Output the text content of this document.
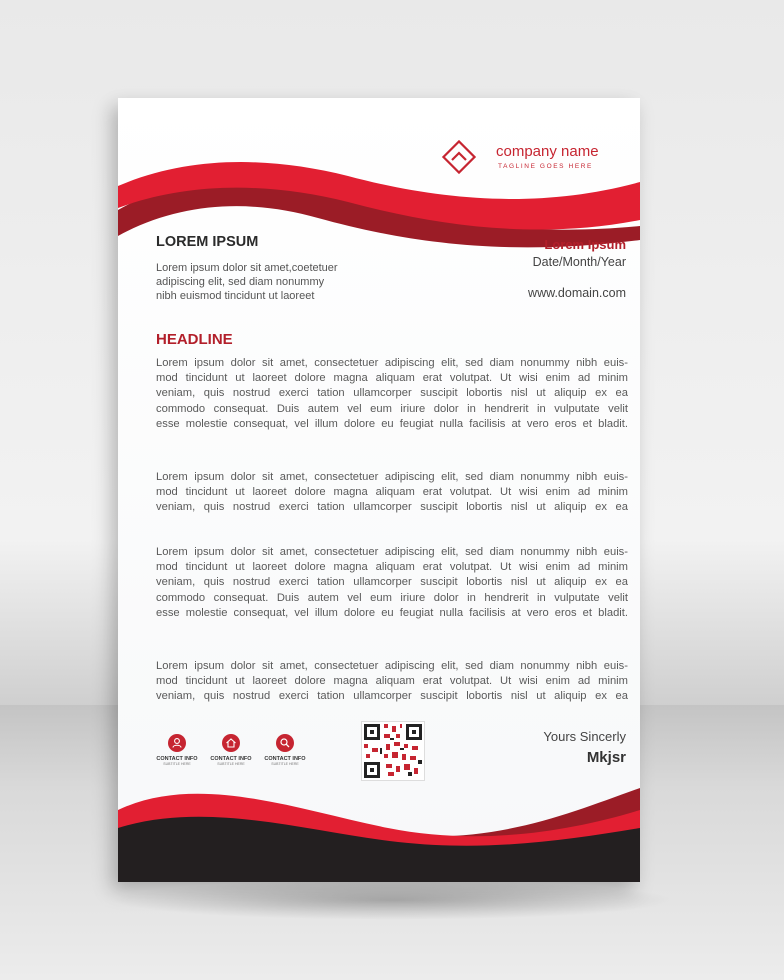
company name
TAGLINE GOES HERE
LOREM IPSUM
Lorem ipsum dolor sit amet,coetetuer
adipiscing elit, sed diam nonummy
nibh euismod tincidunt ut laoreet
Lorem Ipsum
Date/Month/Year
www.domain.com
HEADLINE
Lorem ipsum dolor sit amet, consectetuer adipiscing elit, sed diam nonummy nibh euis-
mod tincidunt ut laoreet dolore magna aliquam erat volutpat. Ut wisi enim ad minim
veniam, quis nostrud exerci tation ullamcorper suscipit lobortis nisl ut aliquip ex ea
commodo consequat. Duis autem vel eum iriure dolor in hendrerit in vulputate velit
esse molestie consequat, vel illum dolore eu feugiat nulla facilisis at vero eros et bladit.
Lorem ipsum dolor sit amet, consectetuer adipiscing elit, sed diam nonummy nibh euis-
mod tincidunt ut laoreet dolore magna aliquam erat volutpat. Ut wisi enim ad minim
veniam, quis nostrud exerci tation ullamcorper suscipit lobortis nisl ut aliquip ex ea
Lorem ipsum dolor sit amet, consectetuer adipiscing elit, sed diam nonummy nibh euis-
mod tincidunt ut laoreet dolore magna aliquam erat volutpat. Ut wisi enim ad minim
veniam, quis nostrud exerci tation ullamcorper suscipit lobortis nisl ut aliquip ex ea
commodo consequat. Duis autem vel eum iriure dolor in hendrerit in vulputate velit
esse molestie consequat, vel illum dolore eu feugiat nulla facilisis at vero eros et bladit.
Lorem ipsum dolor sit amet, consectetuer adipiscing elit, sed diam nonummy nibh euis-
mod tincidunt ut laoreet dolore magna aliquam erat volutpat. Ut wisi enim ad minim
veniam, quis nostrud exerci tation ullamcorper suscipit lobortis nisl ut aliquip ex ea
CONTACT INFO
SUBTITLE HERE
CONTACT INFO
SUBTITLE HERE
CONTACT INFO
SUBTITLE HERE
Yours Sincerly
Mkjsr
